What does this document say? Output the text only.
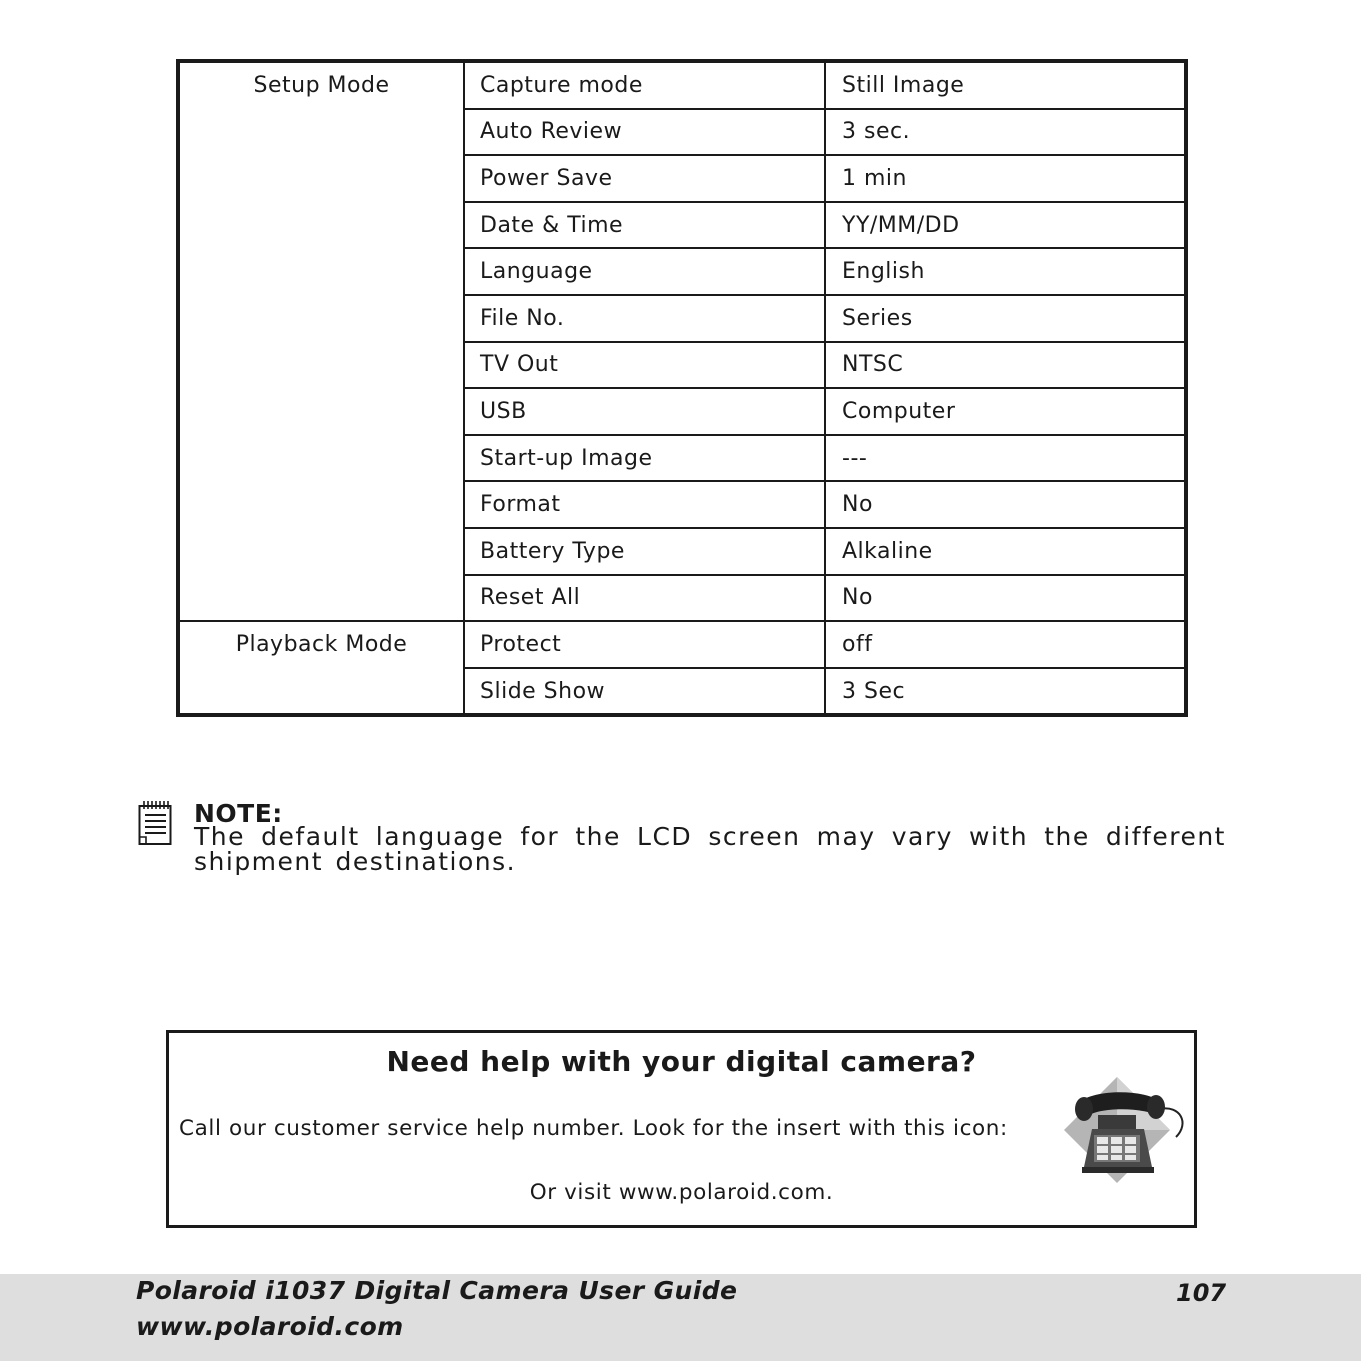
Setup Mode	Capture mode	Still Image
	Auto Review	3 sec.
	Power Save	1 min
	Date & Time	YY/MM/DD
	Language	English
	File No.	Series
	TV Out	NTSC
	USB	Computer
	Start-up Image	---
	Format	No
	Battery Type	Alkaline
	Reset All	No
Playback Mode	Protect	off
	Slide Show	3 Sec
NOTE:
The default language for the LCD screen may vary with the different shipment destinations.
Need help with your digital camera?
Call our customer service help number. Look for the insert with this icon:
Or visit www.polaroid.com.
Polaroid i1037 Digital Camera User Guide
www.polaroid.com
107
